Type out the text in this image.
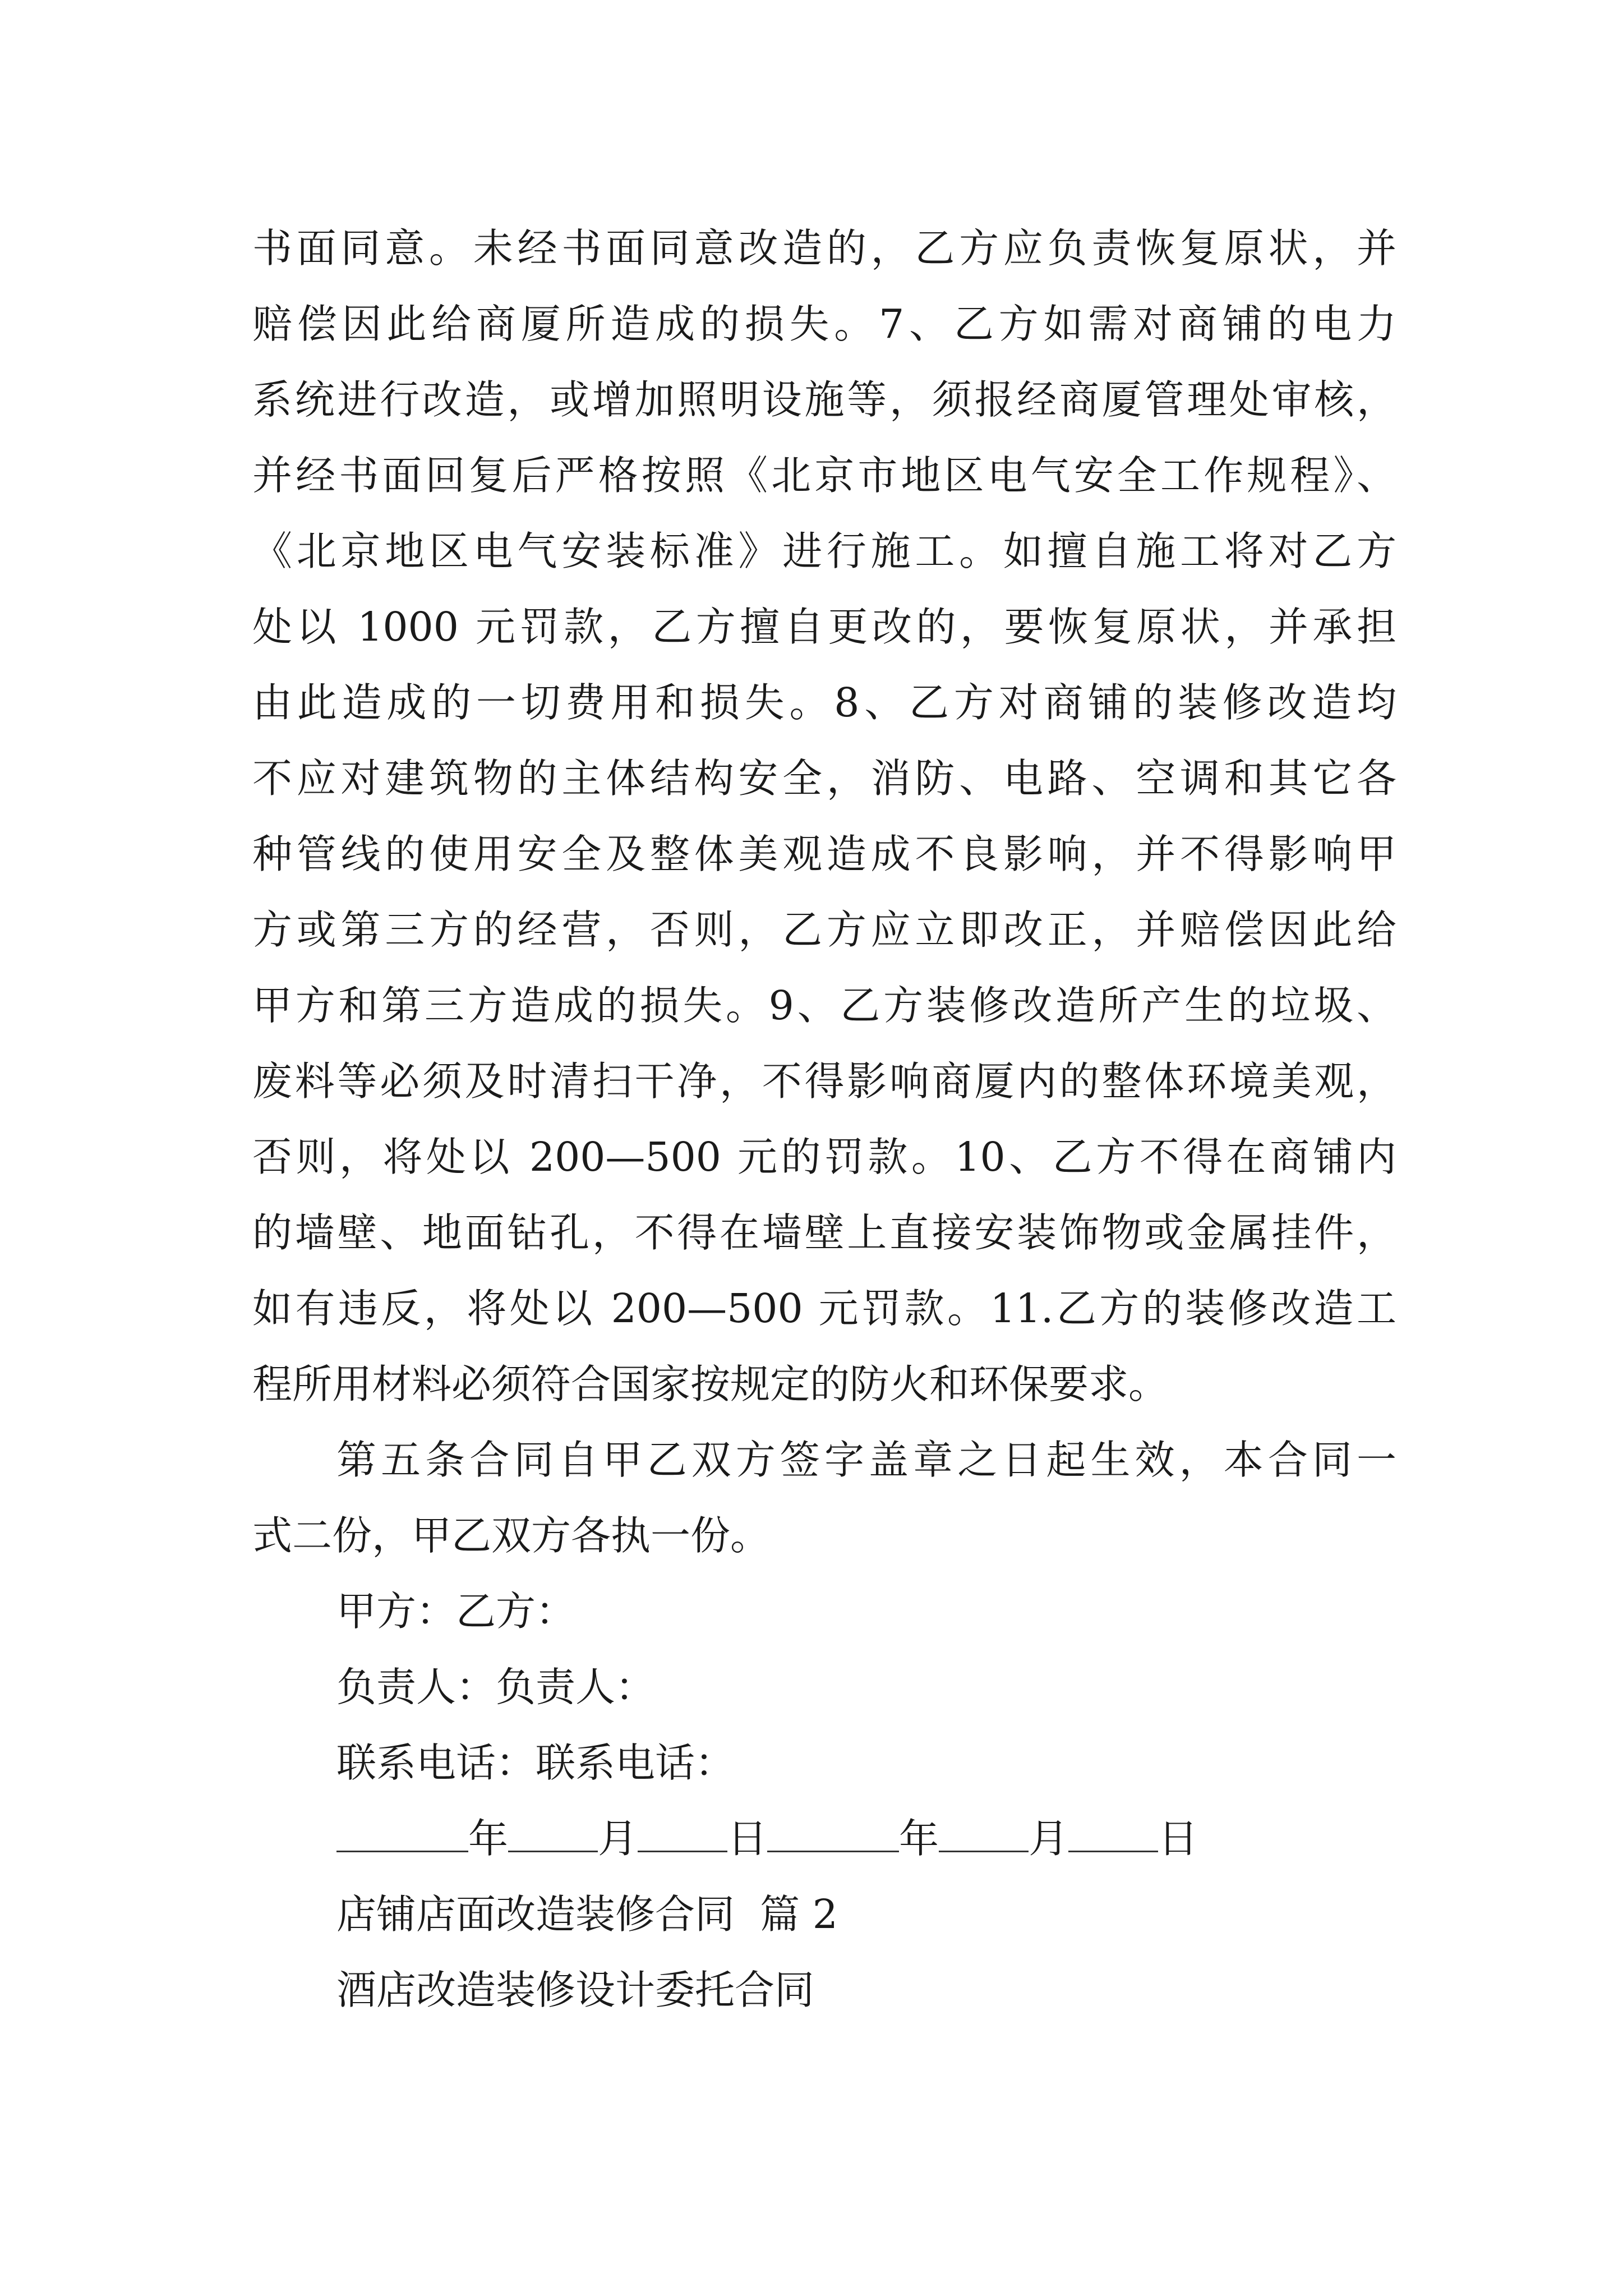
书面同意。未经书面同意改造的，乙方应负责恢复原状，并
赔偿因此给商厦所造成的损失。7、乙方如需对商铺的电力
系统进行改造，或增加照明设施等，须报经商厦管理处审核，
并经书面回复后严格按照《北京市地区电气安全工作规程》、
《北京地区电气安装标准》进行施工。如擅自施工将对乙方
处以 1000 元罚款，乙方擅自更改的，要恢复原状，并承担
由此造成的一切费用和损失。8、乙方对商铺的装修改造均
不应对建筑物的主体结构安全，消防、电路、空调和其它各
种管线的使用安全及整体美观造成不良影响，并不得影响甲
方或第三方的经营，否则，乙方应立即改正，并赔偿因此给
甲方和第三方造成的损失。9、乙方装修改造所产生的垃圾、
废料等必须及时清扫干净，不得影响商厦内的整体环境美观，
否则，将处以 200—500 元的罚款。10、乙方不得在商铺内
的墙壁、地面钻孔，不得在墙壁上直接安装饰物或金属挂件，
如有违反，将处以 200—500 元罚款。11.乙方的装修改造工
程所用材料必须符合国家按规定的防火和环保要求。
第五条合同自甲乙双方签字盖章之日起生效，本合同一
式二份，甲乙双方各执一份。
甲方：乙方：
负责人：负责人：
联系电话：联系电话：
年 月 日	年 月 日
店铺店面改造装修合同  篇 2
酒店改造装修设计委托合同
